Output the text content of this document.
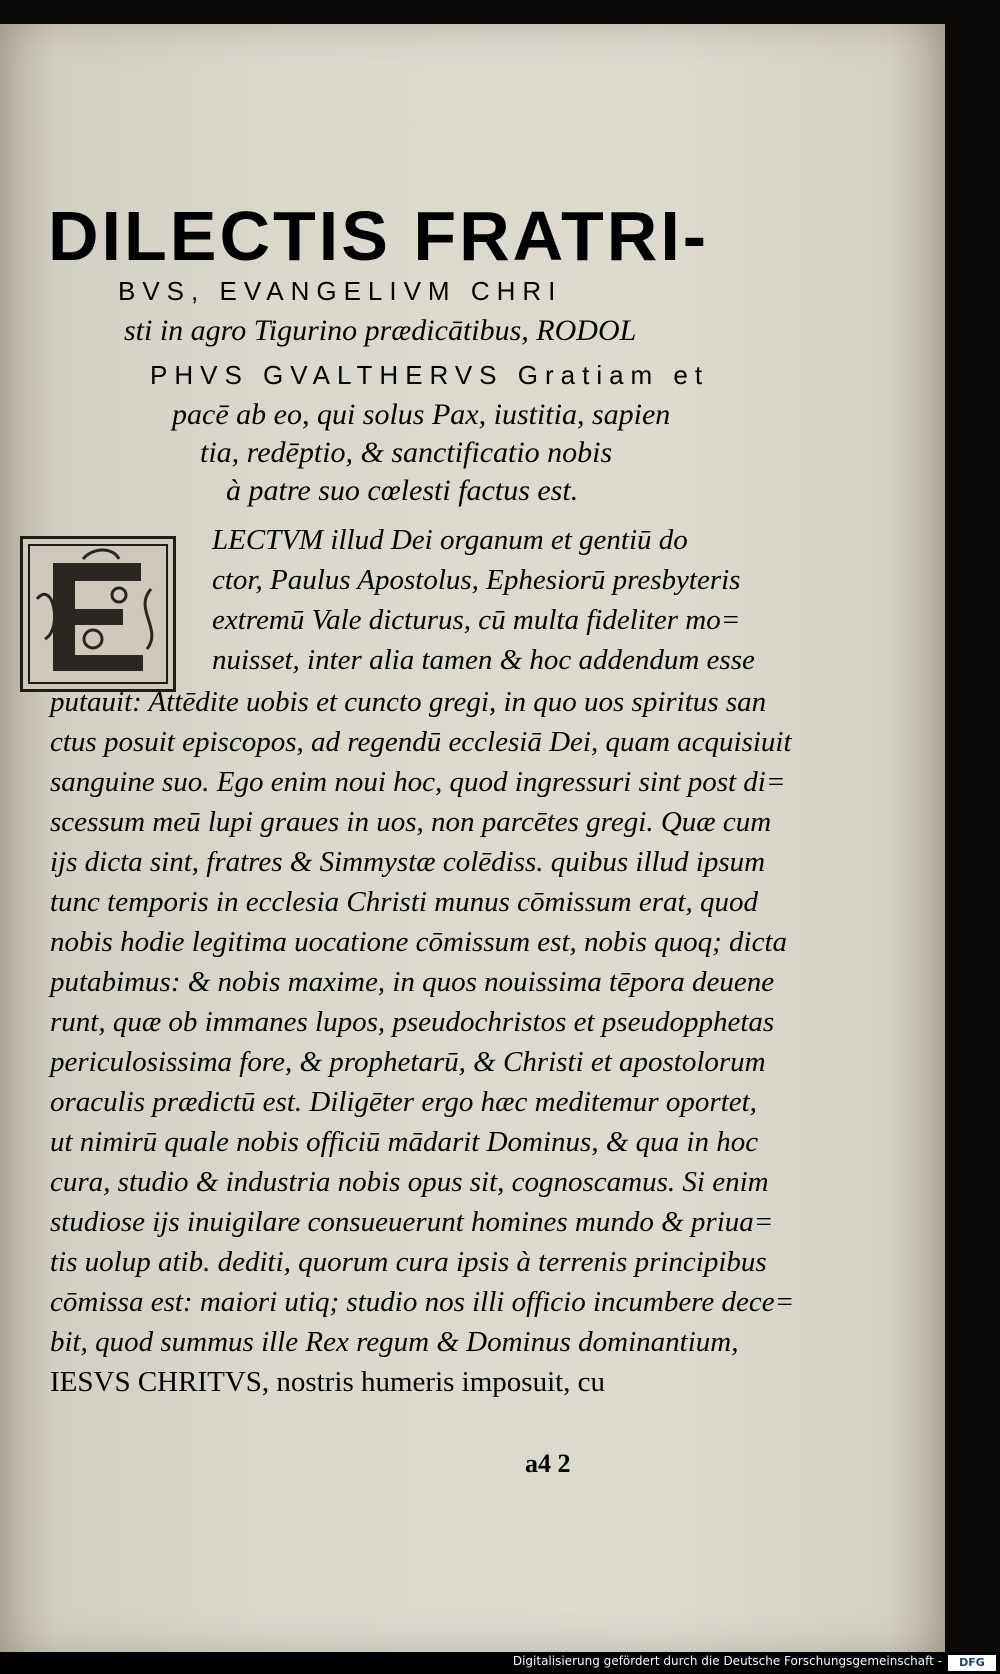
DILECTIS FRATRI-
BVS, EVANGELIVM CHRI
sti in agro Tigurino prædicātibus, RODOL
PHVS GVALTHERVS Gratiam et
pacē ab eo, qui solus Pax, iustitia, sapien
tia, redēptio, & sanctificatio nobis
à patre suo cœlesti factus est.
LECTVM illud Dei organum et gentiū do
ctor, Paulus Apostolus, Ephesiorū presbyteris
extremū Vale dicturus, cū multa fideliter mo=
nuisset, inter alia tamen & hoc addendum esse
putauit: Attēdite uobis et cuncto gregi, in quo uos spiritus san
ctus posuit episcopos, ad regendū ecclesiā Dei, quam acquisiuit
sanguine suo. Ego enim noui hoc, quod ingressuri sint post di=
scessum meū lupi graues in uos, non parcētes gregi. Quæ cum
ijs dicta sint, fratres & Simmystæ colēdiss. quibus illud ipsum
tunc temporis in ecclesia Christi munus cōmissum erat, quod
nobis hodie legitima uocatione cōmissum est, nobis quoq; dicta
putabimus: & nobis maxime, in quos nouissima tēpora deuene
runt, quæ ob immanes lupos, pseudochristos et pseudopphetas
periculosissima fore, & prophetarū, & Christi et apostolorum
oraculis prædictū est. Diligēter ergo hæc meditemur oportet,
ut nimirū quale nobis officiū mādarit Dominus, & qua in hoc
cura, studio & industria nobis opus sit, cognoscamus. Si enim
studiose ijs inuigilare consueuerunt homines mundo & priua=
tis uolup atib. dediti, quorum cura ipsis à terrenis principibus
cōmissa est: maiori utiq; studio nos illi officio incumbere dece=
bit, quod summus ille Rex regum & Dominus dominantium,
IESVS CHRITVS, nostris humeris imposuit, cu
a4 2
Digitalisierung gefördert durch die Deutsche Forschungsgemeinschaft -	DFG
